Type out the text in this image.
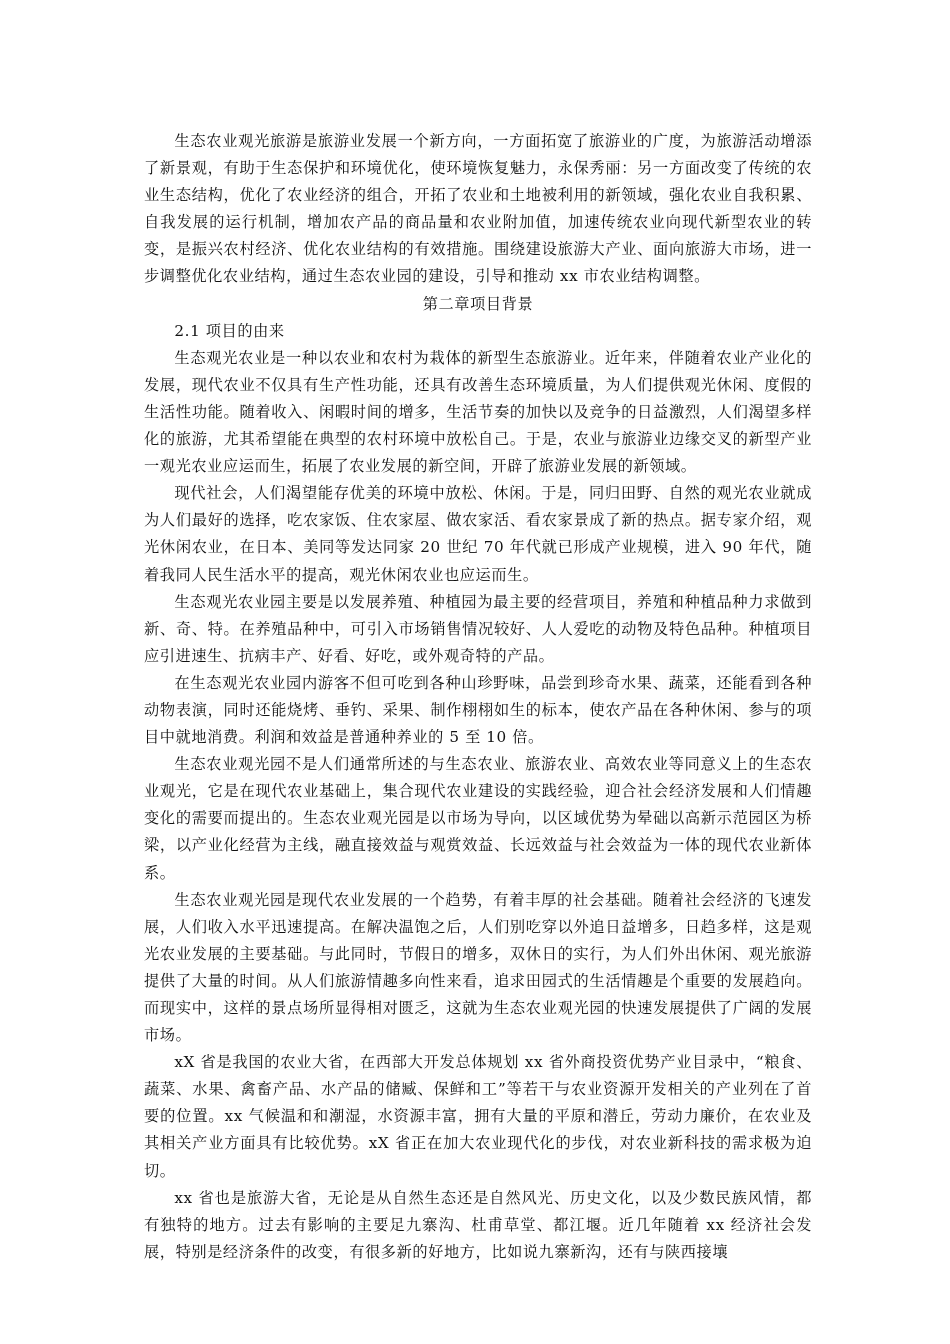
生态农业观光旅游是旅游业发展一个新方向，一方面拓宽了旅游业的广度，为旅游活动增添了新景观，有助于生态保护和环境优化，使环境恢复魅力，永保秀丽：另一方面改变了传统的农业生态结构，优化了农业经济的组合，开拓了农业和土地被利用的新领域，强化农业自我积累、自我发展的运行机制，增加农产品的商品量和农业附加值，加速传统农业向现代新型农业的转变，是振兴农村经济、优化农业结构的有效措施。围绕建设旅游大产业、面向旅游大市场，进一步调整优化农业结构，通过生态农业园的建设，引导和推动 xx 市农业结构调整。

第二章项目背景

2.1 项目的由来

生态观光农业是一种以农业和农村为栽体的新型生态旅游业。近年来，伴随着农业产业化的发展，现代农业不仅具有生产性功能，还具有改善生态环境质量，为人们提供观光休闲、度假的生活性功能。随着收入、闲暇时间的增多，生活节奏的加快以及竞争的日益激烈，人们渴望多样化的旅游，尤其希望能在典型的农村环境中放松自己。于是，农业与旅游业边缘交叉的新型产业一观光农业应运而生，拓展了农业发展的新空间，开辟了旅游业发展的新领域。

现代社会，人们渴望能存优美的环境中放松、休闲。于是，同归田野、自然的观光农业就成为人们最好的选择，吃农家饭、住农家屋、做农家活、看农家景成了新的热点。据专家介绍，观光休闲农业，在日本、美同等发达同家 20 世纪 70 年代就已形成产业规模，进入 90 年代，随着我同人民生活水平的提高，观光休闲农业也应运而生。

生态观光农业园主要是以发展养殖、种植园为最主要的经营项目，养殖和种植品种力求做到新、奇、特。在养殖品种中，可引入市场销售情况较好、人人爱吃的动物及特色品种。种植项目应引进速生、抗病丰产、好看、好吃，或外观奇特的产品。

在生态观光农业园内游客不但可吃到各种山珍野味，品尝到珍奇水果、蔬菜，还能看到各种动物表演，同时还能烧烤、垂钓、采果、制作栩栩如生的标本，使农产品在各种休闲、参与的项目中就地消费。利润和效益是普通种养业的 5 至 10 倍。

生态农业观光园不是人们通常所述的与生态农业、旅游农业、高效农业等同意义上的生态农业观光，它是在现代农业基础上，集合现代农业建设的实践经验，迎合社会经济发展和人们情趣变化的需要而提出的。生态农业观光园是以市场为导向，以区域优势为晕础以高新示范园区为桥梁，以产业化经营为主线，融直接效益与观赏效益、长远效益与社会效益为一体的现代农业新体系。

生态农业观光园是现代农业发展的一个趋势，有着丰厚的社会基础。随着社会经济的飞速发展，人们收入水平迅速提高。在解决温饱之后，人们别吃穿以外追日益增多，日趋多样，这是观光农业发展的主要基础。与此同时，节假日的增多，双休日的实行，为人们外出休闲、观光旅游提供了大量的时间。从人们旅游情趣多向性来看，追求田园式的生活情趣是个重要的发展趋向。而现实中，这样的景点场所显得相对匮乏，这就为生态农业观光园的快速发展提供了广阔的发展市场。

xX 省是我国的农业大省，在西部大开发总体规划 xx 省外商投资优势产业目录中，“粮食、蔬菜、水果、禽畜产品、水产品的储臧、保鲜和工”等若干与农业资源开发相关的产业列在了首要的位置。xx 气候温和和潮湿，水资源丰富，拥有大量的平原和潜丘，劳动力廉价，在农业及其相关产业方面具有比较优势。xX 省正在加大农业现代化的步伐，对农业新科技的需求极为迫切。

xx 省也是旅游大省，无论是从自然生态还是自然风光、历史文化，以及少数民族风情，都有独特的地方。过去有影响的主要足九寨沟、杜甫草堂、都江堰。近几年随着 xx 经济社会发展，特别是经济条件的改变，有很多新的好地方，比如说九寨新沟，还有与陕西接壤
